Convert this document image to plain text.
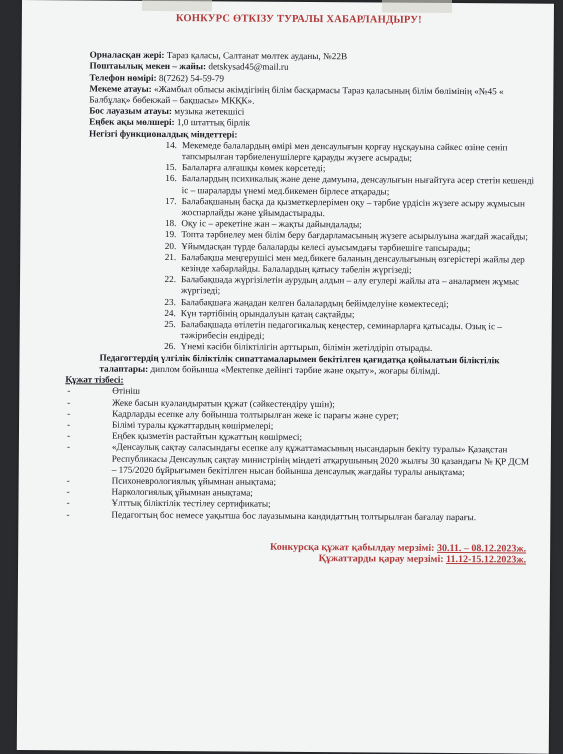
КОНКУРС ӨТКІЗУ ТУРАЛЫ ХАБАРЛАНДЫРУ!

Орналасқан жері: Тараз қаласы, Салтанат мөлтек ауданы, №22В

Поштаылық мекен – жайы: detskysad45@mail.ru

Телефон нөмірі: 8(7262) 54-59-79

Мекеме атауы: «Жамбыл облысы әкімдігінің білім басқармасы Тараз қаласының білім бөлімінің «№45 « Балбұлақ» бөбекжай – бақшасы» МКҚК».

Бос лауазым атауы: музыка жетекшісі

Еңбек ақы мөлшері: 1,0 штаттық бірлік

Негізгі функционалдық міндеттері:

14. Мекемеде балалардың өмірі мен денсаулығын қорғау нұсқауына сәйкес өзіне сеніп тапсырылған тәрбиеленушілерге қарауды жүзеге асырады;
15. Балаларға алғашқы көмек көрсетеді;
16. Балалардың психикалық және дене дамуына, денсаулығын нығайтуға әсер стетін кешенді іс – шараларды үнемі мед.бикемен бірлесе атқарады;
17. Балабақшаның басқа да қызметкерлерімен оқу – тәрбие үрдісін жүзеге асыру жұмысын жоспарлайды және ұйымдастырады.
18. Оқу іс – әрекетіне жан – жақты дайындалады;
19. Топта тәрбиелеу мен білім беру бағдарламасының жүзеге асырылуына жағдай жасайды;
20. Ұйымдасқан түрде балаларды келесі ауысымдағы тәрбиешіге тапсырады;
21. Балабақша меңгерушісі мен мед.бикеге баланың денсаулығының өзгерістері жайлы дер кезінде хабарлайды. Балалардың қатысу табелін жүргізеді;
22. Балабақшада жүргізілетін аурудың алдын – алу егулері жайлы ата – аналармен жұмыс жүргізеді;
23. Балабақшаға жаңадан келген балалардың бейімделуіне көмектеседі;
24. Күн тәртібінің орындалуын қатаң сақтайды;
25. Балабақшада өтілетін педагогикалық кеңестер, семинарларға қатысады. Озық іс – тәжірибесін ендіреді;
26. Үнемі кәсіби біліктілігін арттырып, білімін жетілдіріп отырады.

Педагогтердің үлгілік біліктілік сипаттамаларымен бекітілген қағидатқа қойылатын біліктілік талаптары: диплом бойынша «Мектепке дейінгі тәрбие және оқыту», жоғары білімді.

Құжат тізбесі:
-	Өтініш
-	Жеке басын куәландыратын құжат (сәйкестендіру үшін);
-	Кадрларды есепке алу бойынша толтырылған жеке іс парағы және сурет;
-	Білімі туралы құжаттардың көшірмелері;
-	Еңбек қызметін растайтын құжаттың көшірмесі;
-	«Денсаулық сақтау саласындағы есепке алу құжаттамасының нысандарын бекіту туралы» Қазақстан Республикасы Денсаулық сақтау министрінің міндеті атқарушының 2020 жылғы 30 қазандағы № ҚР ДСМ – 175/2020 бұйрығымен бекітілген нысан бойынша денсаулық жағдайы туралы анықтама;
-	Психоневрологиялық ұйымнан анықтама;
-	Наркологиялық ұйымнан анықтама;
-	Ұлттық біліктілік тестілеу сертификаты;
-	Педагогтың бос немесе уақытша бос лауазымына кандидаттың толтырылған бағалау парағы.
Конкурсқа құжат қабылдау мерзімі: 30.11. – 08.12.2023ж.
Құжаттарды қарау мерзімі: 11.12-15.12.2023ж.
